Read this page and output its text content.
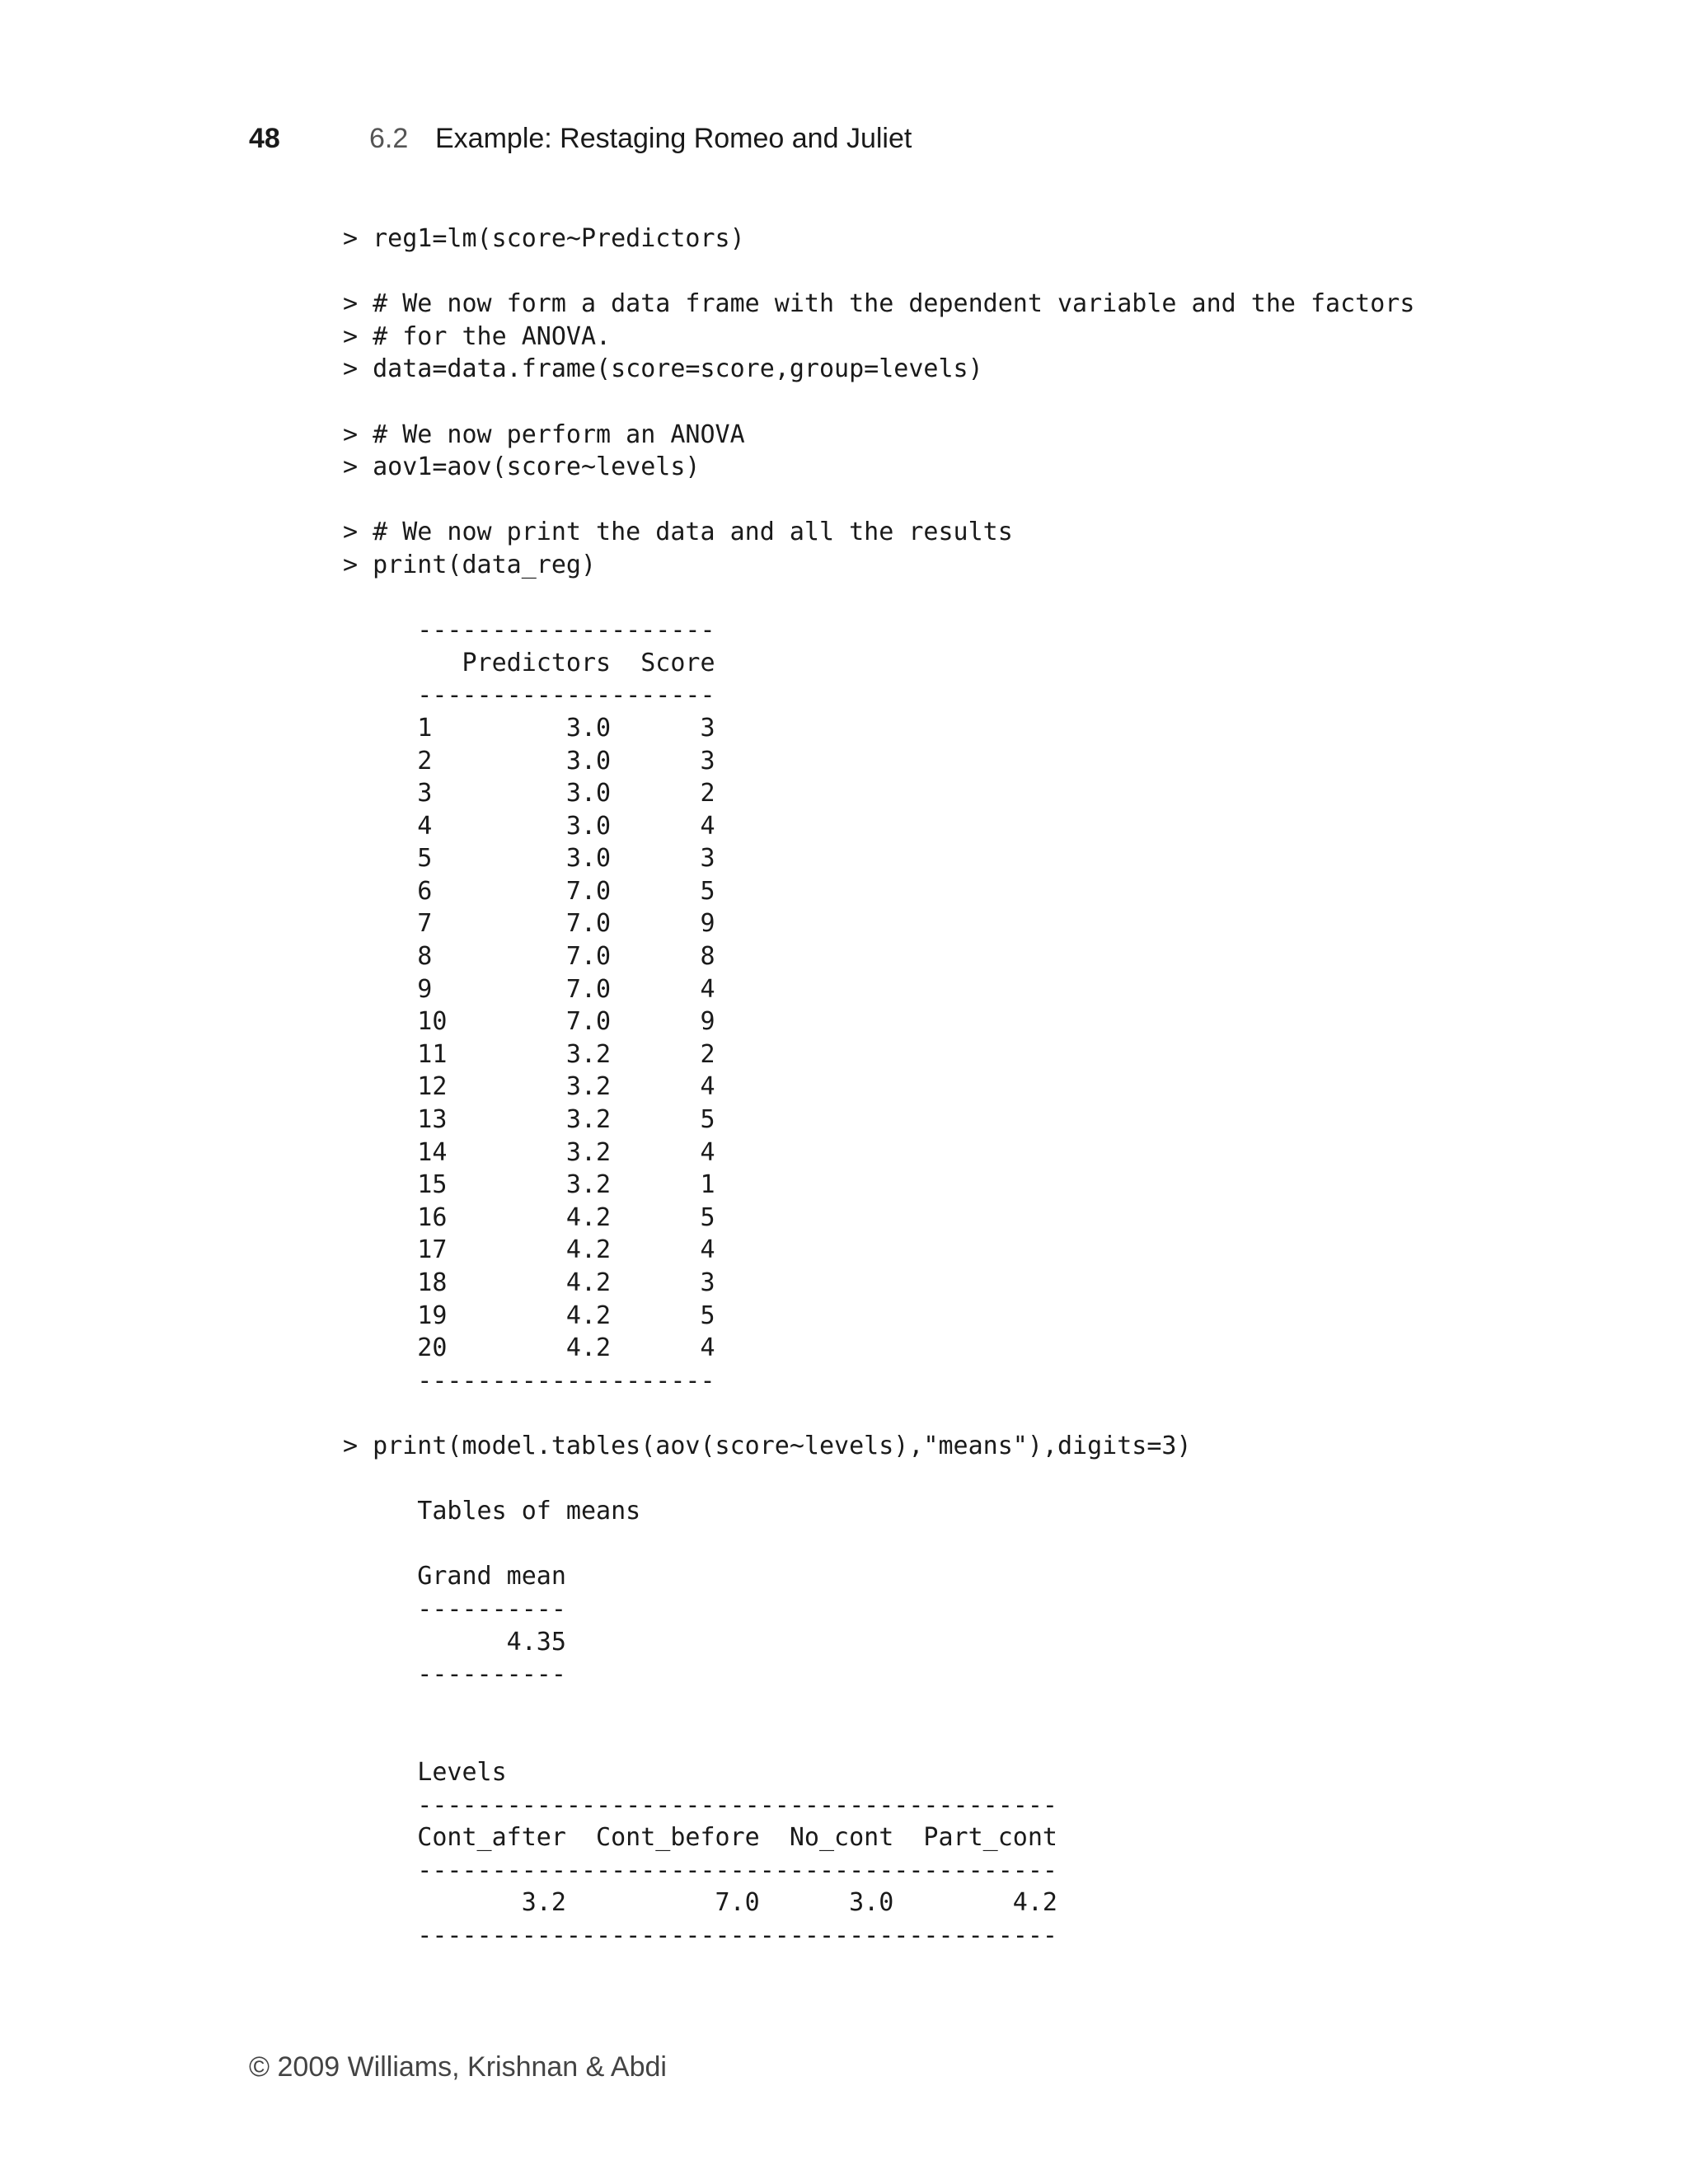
48	6.2 Example: Restaging Romeo and Juliet
> reg1=lm(score~Predictors)
> # We now form a data frame with the dependent variable and the factors
> # for the ANOVA.
> data=data.frame(score=score,group=levels)
> # We now perform an ANOVA
> aov1=aov(score~levels)
> # We now print the data and all the results
> print(data_reg)
--------------------
Predictors  Score
--------------------
1         3.0      3
2         3.0      3
3         3.0      2
4         3.0      4
5         3.0      3
6         7.0      5
7         7.0      9
8         7.0      8
9         7.0      4
10        7.0      9
11        3.2      2
12        3.2      4
13        3.2      5
14        3.2      4
15        3.2      1
16        4.2      5
17        4.2      4
18        4.2      3
19        4.2      5
20        4.2      4
--------------------
> print(model.tables(aov(score~levels),"means"),digits=3)
Tables of means
Grand mean
----------
4.35
----------
Levels
-------------------------------------------
Cont_after  Cont_before  No_cont  Part_cont
-------------------------------------------
3.2          7.0      3.0        4.2
-------------------------------------------
© 2009 Williams, Krishnan & Abdi
